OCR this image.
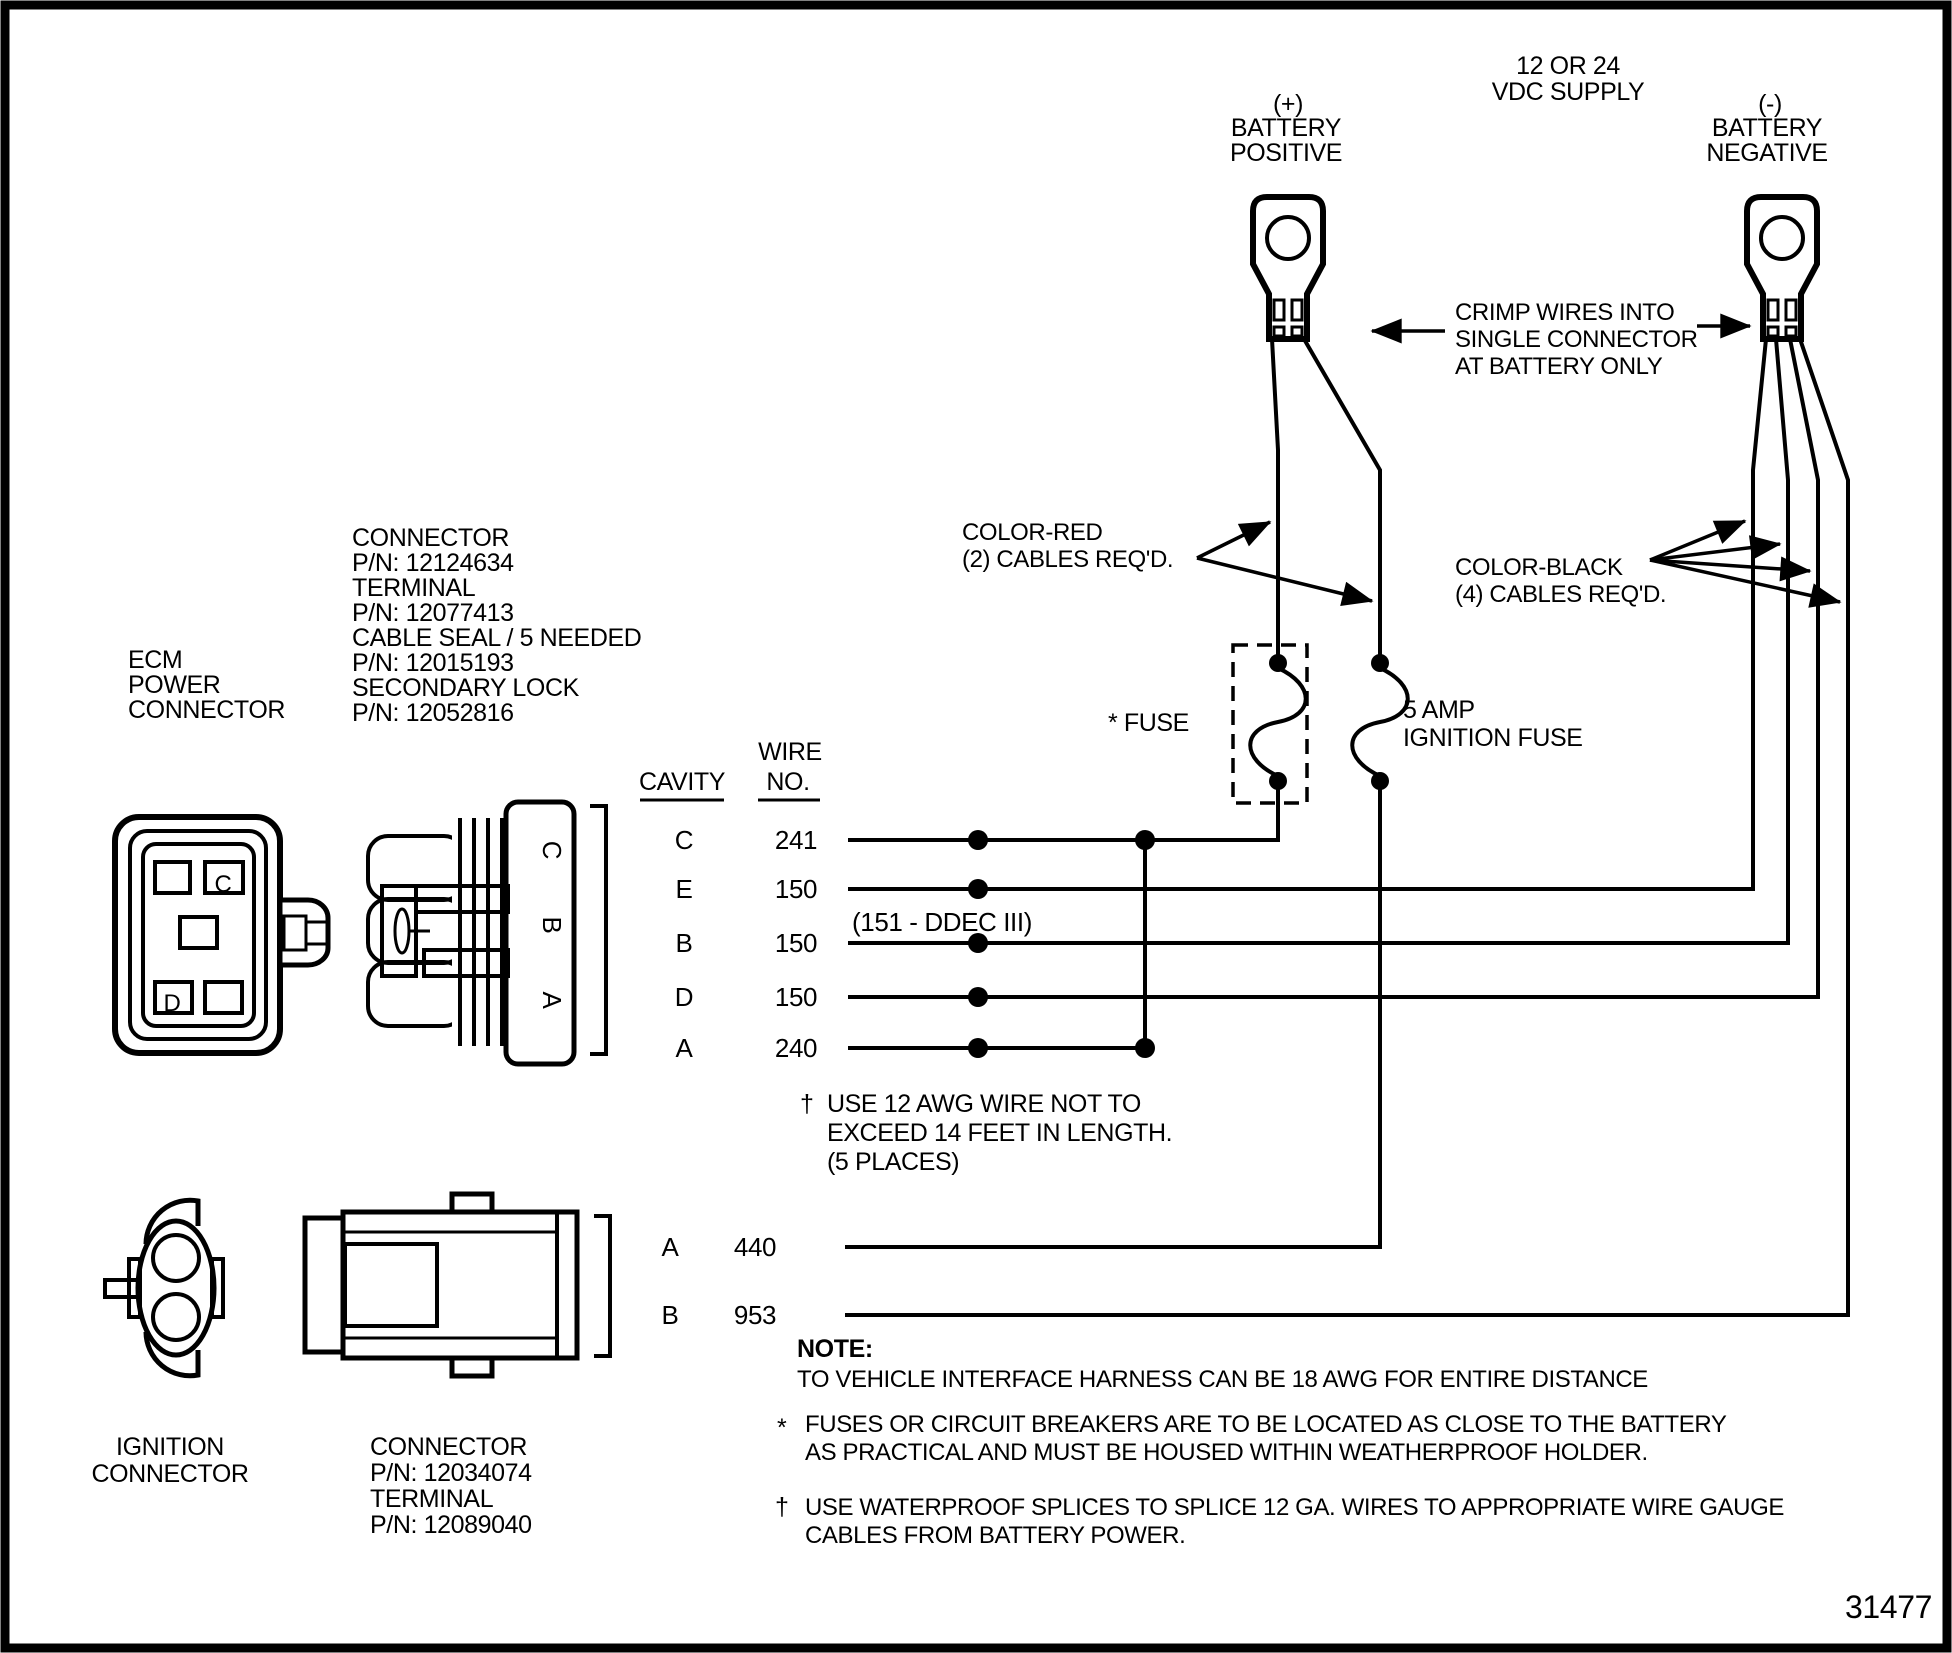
12 OR 24
VDC SUPPLY
(+)
BATTERY
POSITIVE
(-)
BATTERY
NEGATIVE
CRIMP WIRES INTO
SINGLE CONNECTOR
AT BATTERY ONLY
COLOR-RED
(2) CABLES REQ'D.	COLOR-BLACK
(4) CABLES REQ'D.
* FUSE	5 AMP
IGNITION FUSE
CAVITY
WIRE
NO.
C	241
E	150
(151 - DDEC III)
B	150
D	150
A	240
A 440
B 953
† USE 12 AWG WIRE NOT TO
EXCEED 14 FEET IN LENGTH.
(5 PLACES)
ECM
POWER
CONNECTOR
CONNECTOR
P/N: 12124634
TERMINAL
P/N: 12077413
CABLE SEAL / 5 NEEDED
P/N: 12015193
SECONDARY LOCK
P/N: 12052816
C
D
C
B
A
IGNITION
CONNECTOR
CONNECTOR
P/N: 12034074
TERMINAL
P/N: 12089040
NOTE:
TO VEHICLE INTERFACE HARNESS CAN BE 18 AWG FOR ENTIRE DISTANCE
* FUSES OR CIRCUIT BREAKERS ARE TO BE LOCATED AS CLOSE TO THE BATTERY
AS PRACTICAL AND MUST BE HOUSED WITHIN WEATHERPROOF HOLDER.
† USE WATERPROOF SPLICES TO SPLICE 12 GA. WIRES TO APPROPRIATE WIRE GAUGE
CABLES FROM BATTERY POWER.
31477
